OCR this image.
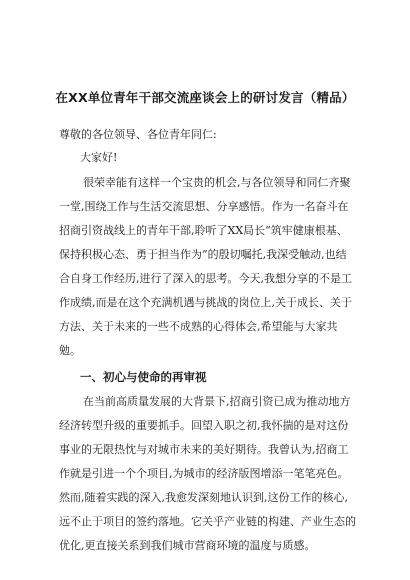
在XX单位青年干部交流座谈会上的研讨发言（精品）
尊敬的各位领导、各位青年同仁:
大家好!
很荣幸能有这样一个宝贵的机会,与各位领导和同仁齐聚
一堂,围绕工作与生活交流思想、分享感悟。作为一名奋斗在
招商引资战线上的青年干部,聆听了XX局长“筑牢健康根基、
保持积极心态、勇于担当作为”的殷切嘱托,我深受触动,也结
合自身工作经历,进行了深入的思考。今天,我想分享的不是工
作成绩,而是在这个充满机遇与挑战的岗位上,关于成长、关于
方法、关于未来的一些不成熟的心得体会,希望能与大家共
勉。
一、初心与使命的再审视
在当前高质量发展的大背景下,招商引资已成为推动地方
经济转型升级的重要抓手。回望入职之初,我怀揣的是对这份
事业的无限热忱与对城市未来的美好期待。我曾认为,招商工
作就是引进一个个项目,为城市的经济版图增添一笔笔亮色。
然而,随着实践的深入,我愈发深刻地认识到,这份工作的核心,
远不止于项目的签约落地。它关乎产业链的构建、产业生态的
优化,更直接关系到我们城市营商环境的温度与质感。
